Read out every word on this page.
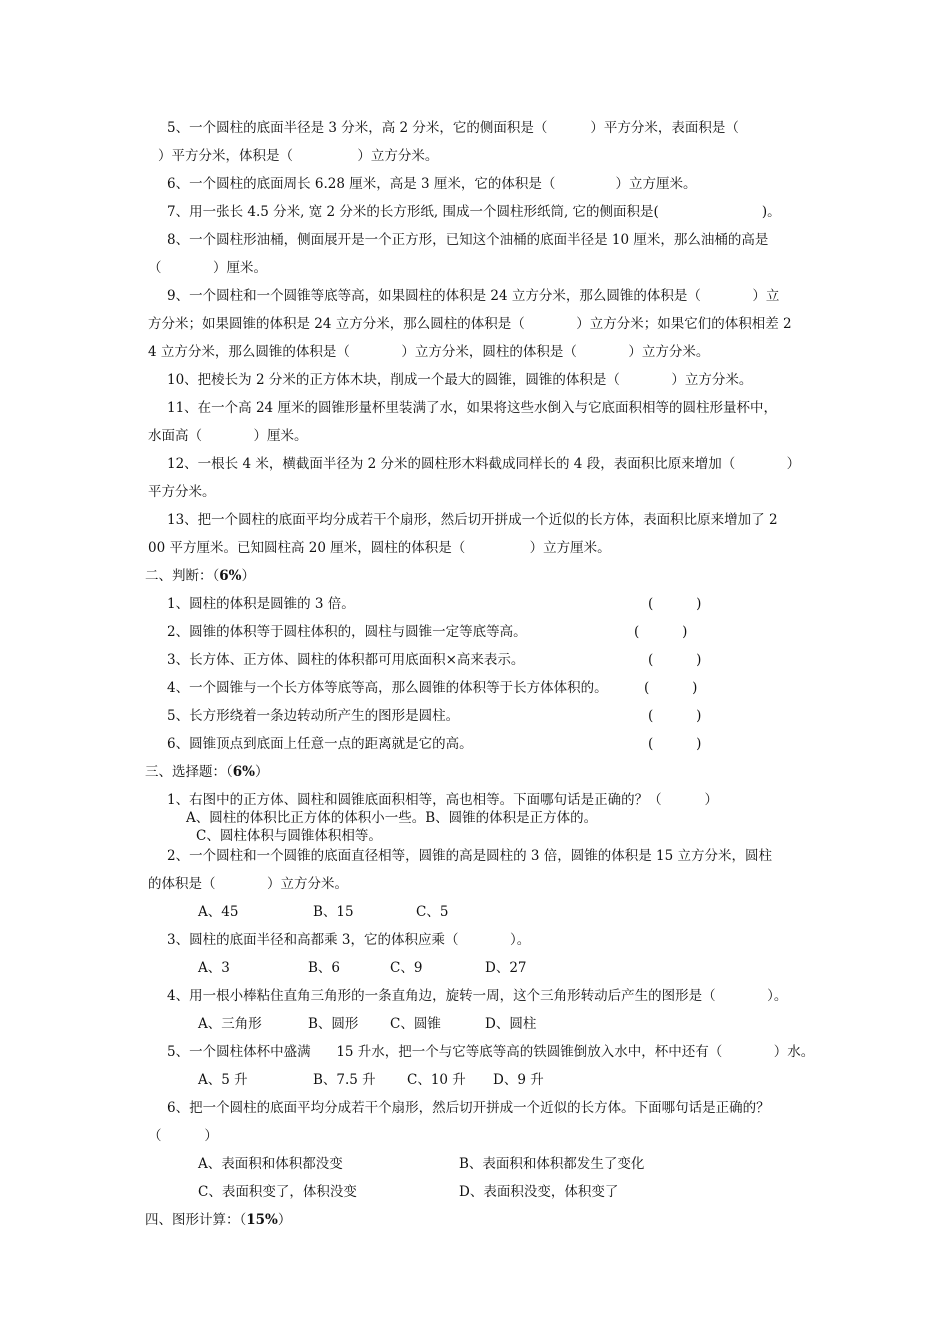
5、一个圆柱的底面半径是 3 分米，高 2 分米，它的侧面积是（          ）平方分米，表面积是（
）平方分米，体积是（               ）立方分米。
6、一个圆柱的底面周长 6.28 厘米，高是 3 厘米，它的体积是（              ）立方厘米。
7、用一张长 4.5 分米, 宽 2 分米的长方形纸, 围成一个圆柱形纸筒, 它的侧面积是(                        )。
8、一个圆柱形油桶，侧面展开是一个正方形，已知这个油桶的底面半径是 10 厘米，那么油桶的高是
（            ）厘米。
9、一个圆柱和一个圆锥等底等高，如果圆柱的体积是 24 立方分米，那么圆锥的体积是（            ）立
方分米；如果圆锥的体积是 24 立方分米，那么圆柱的体积是（            ）立方分米；如果它们的体积相差 2
4 立方分米，那么圆锥的体积是（            ）立方分米，圆柱的体积是（            ）立方分米。
10、把棱长为 2 分米的正方体木块，削成一个最大的圆锥，圆锥的体积是（            ）立方分米。
11、在一个高 24 厘米的圆锥形量杯里装满了水，如果将这些水倒入与它底面积相等的圆柱形量杯中，
水面高（            ）厘米。
12、一根长 4 米，横截面半径为 2 分米的圆柱形木料截成同样长的 4 段，表面积比原来增加（            ）
平方分米。
13、把一个圆柱的底面平均分成若干个扇形，然后切开拼成一个近似的长方体，表面积比原来增加了 2
00 平方厘米。已知圆柱高 20 厘米，圆柱的体积是（               ）立方厘米。
二、判断：（6%）
1、圆柱的体积是圆锥的 3 倍。	(          )
2、圆锥的体积等于圆柱体积的，圆柱与圆锥一定等底等高。	(          )
3、长方体、正方体、圆柱的体积都可用底面积×高来表示。	(          )
4、一个圆锥与一个长方体等底等高，那么圆锥的体积等于长方体体积的。	(          )
5、长方形绕着一条边转动所产生的图形是圆柱。	(          )
6、圆锥顶点到底面上任意一点的距离就是它的高。	(          )
三、选择题：（6%）
1、右图中的正方体、圆柱和圆锥底面积相等，高也相等。下面哪句话是正确的？（          ）
A、圆柱的体积比正方体的体积小一些。B、圆锥的体积是正方体的。
C、圆柱体积与圆锥体积相等。
2、一个圆柱和一个圆锥的底面直径相等，圆锥的高是圆柱的 3 倍，圆锥的体积是 15 立方分米，圆柱
的体积是（            ）立方分米。
A、45	B、15	C、5
3、圆柱的底面半径和高都乘 3，它的体积应乘（            ）。
A、3	B、6	C、9	D、27
4、用一根小棒粘住直角三角形的一条直角边，旋转一周，这个三角形转动后产生的图形是（            ）。
A、三角形	B、圆形 C、圆锥	D、圆柱
5、一个圆柱体杯中盛满      15 升水，把一个与它等底等高的铁圆锥倒放入水中，杯中还有（            ）水。
A、5 升	B、7.5 升 C、10 升 D、9 升
6、把一个圆柱的底面平均分成若干个扇形，然后切开拼成一个近似的长方体。下面哪句话是正确的？
（          ）
A、表面积和体积都没变	B、表面积和体积都发生了变化
C、表面积变了，体积没变	D、表面积没变，体积变了
四、图形计算：（15%）
